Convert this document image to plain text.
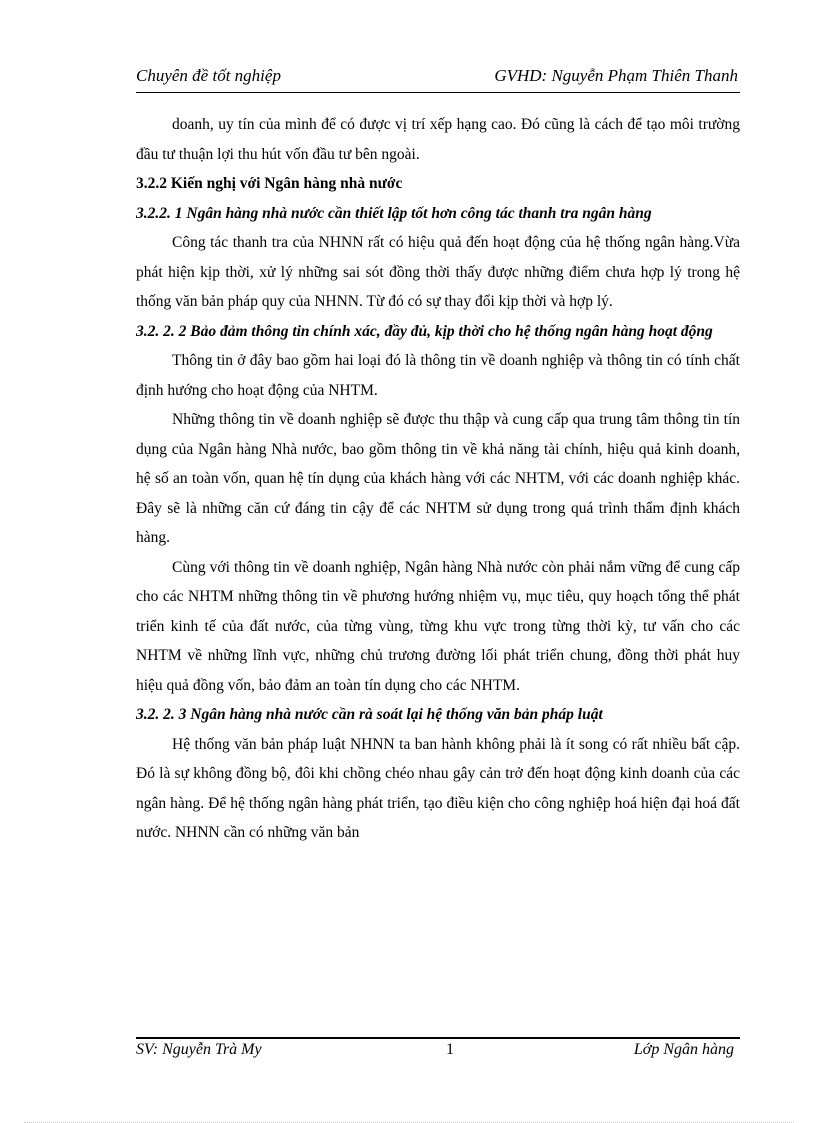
Chuyên đề tốt nghiệp	GVHD: Nguyễn Phạm Thiên Thanh

doanh, uy tín của mình để có được vị trí xếp hạng cao. Đó cũng là cách để tạo môi trường đầu tư thuận lợi thu hút vốn đầu tư bên ngoài.

3.2.2 Kiến nghị với Ngân hàng nhà nước
3.2.2. 1 Ngân hàng nhà nước cần thiết lập tốt hơn công tác thanh tra ngân hàng

Công tác thanh tra của NHNN rất có hiệu quả đến hoạt động của hệ thống ngân hàng.Vừa phát hiện kịp thời, xử lý những sai sót đồng thời thấy được những điểm chưa hợp lý trong hệ thống văn bản pháp quy của NHNN. Từ đó có sự thay đổi kịp thời và hợp lý.

3.2. 2. 2 Bảo đảm thông tin chính xác, đầy đủ, kịp thời cho hệ thống ngân hàng hoạt động

Thông tin ở đây bao gồm hai loại đó là thông tin về doanh nghiệp và thông tin có tính chất định hướng cho hoạt động của NHTM.

Những thông tin về doanh nghiệp sẽ được thu thập và cung cấp qua trung tâm thông tin tín dụng của Ngân hàng Nhà nước, bao gồm thông tin về khả năng tài chính, hiệu quả kinh doanh, hệ số an toàn vốn, quan hệ tín dụng của khách hàng với các NHTM, với các doanh nghiệp khác. Đây sẽ là những căn cứ đáng tin cậy để các NHTM sử dụng trong quá trình thẩm định khách hàng.

Cùng với thông tin về doanh nghiệp, Ngân hàng Nhà nước còn phải nắm vững để cung cấp cho các NHTM những thông tin về phương hướng nhiệm vụ, mục tiêu, quy hoạch tổng thể phát triển kinh tế của đất nước, của từng vùng, từng khu vực trong từng thời kỳ, tư vấn cho các NHTM về những lĩnh vực, những chủ trương đường lối phát triển chung, đồng thời phát huy hiệu quả đồng vốn, bảo đảm an toàn tín dụng cho các NHTM.

3.2. 2. 3 Ngân hàng nhà nước cần rà soát lại hệ thống văn bản pháp luật

Hệ thống văn bản pháp luật NHNN ta ban hành không phải là ít song có rất nhiều bất cập. Đó là sự không đồng bộ, đôi khi chồng chéo nhau gây cản trở đến hoạt động kinh doanh của các ngân hàng. Để hệ thống ngân hàng phát triển, tạo điều kiện cho công nghiệp hoá hiện đại hoá đất nước. NHNN cần có những văn bản

SV: Nguyễn Trà My	1	Lớp Ngân hàng
